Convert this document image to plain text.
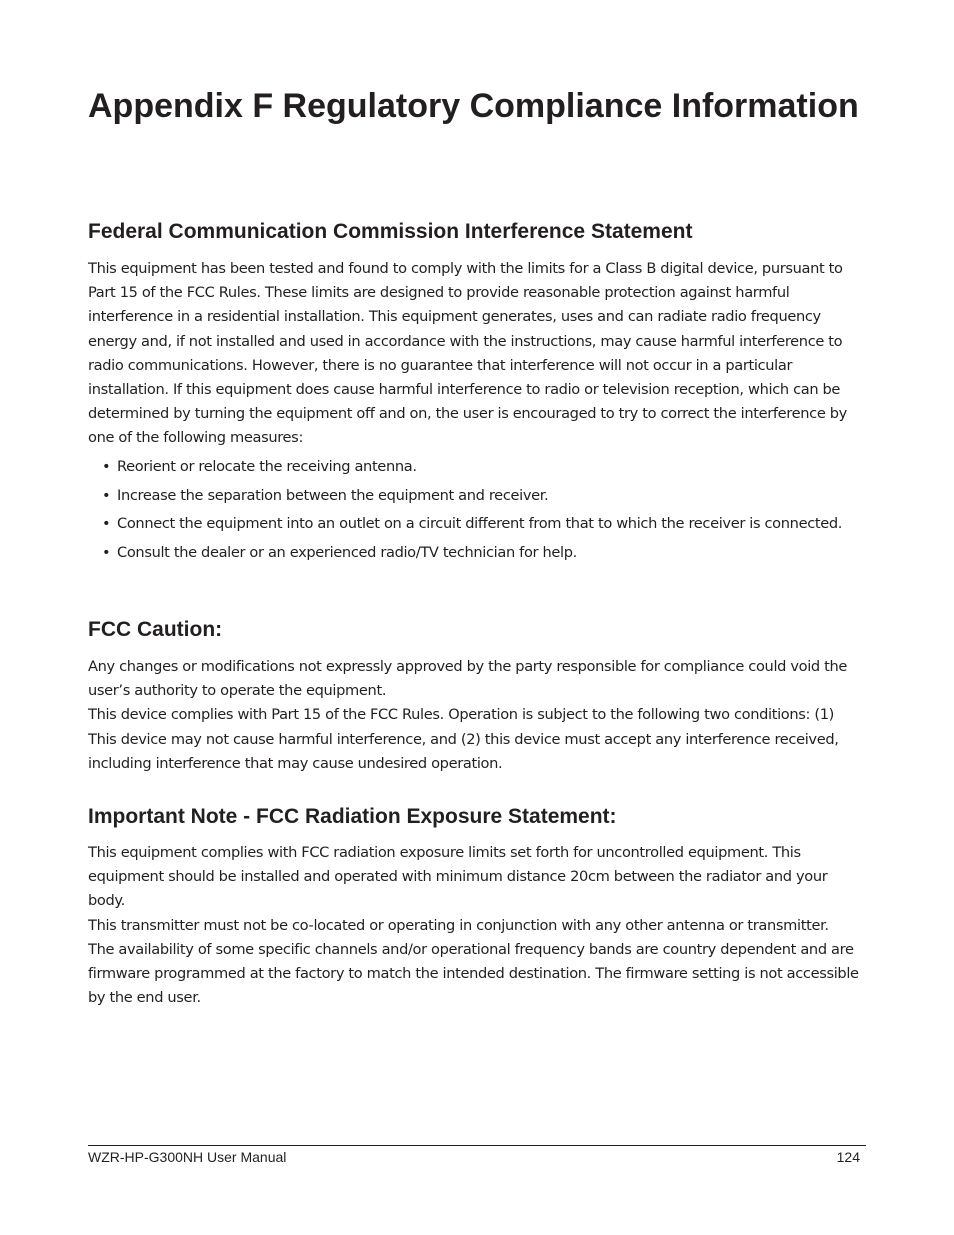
Appendix F Regulatory Compliance Information
Federal Communication Commission Interference Statement

This equipment has been tested and found to comply with the limits for a Class B digital device, pursuant to Part 15 of the FCC Rules. These limits are designed to provide reasonable protection against harmful interference in a residential installation. This equipment generates, uses and can radiate radio frequency energy and, if not installed and used in accordance with the instructions, may cause harmful interference to radio communications. However, there is no guarantee that interference will not occur in a particular installation. If this equipment does cause harmful interference to radio or television reception, which can be determined by turning the equipment off and on, the user is encouraged to try to correct the interference by one of the following measures:

• Reorient or relocate the receiving antenna.
• Increase the separation between the equipment and receiver.
• Connect the equipment into an outlet on a circuit different from that to which the receiver is connected.
• Consult the dealer or an experienced radio/TV technician for help.
FCC Caution:

Any changes or modifications not expressly approved by the party responsible for compliance could void the user’s authority to operate the equipment.

This device complies with Part 15 of the FCC Rules. Operation is subject to the following two conditions: (1) This device may not cause harmful interference, and (2) this device must accept any interference received, including interference that may cause undesired operation.

Important Note - FCC Radiation Exposure Statement:

This equipment complies with FCC radiation exposure limits set forth for uncontrolled equipment. This equipment should be installed and operated with minimum distance 20cm between the radiator and your body.

This transmitter must not be co-located or operating in conjunction with any other antenna or transmitter.

The availability of some specific channels and/or operational frequency bands are country dependent and are firmware programmed at the factory to match the intended destination. The firmware setting is not accessible by the end user.

WZR-HP-G300NH User Manual	124
